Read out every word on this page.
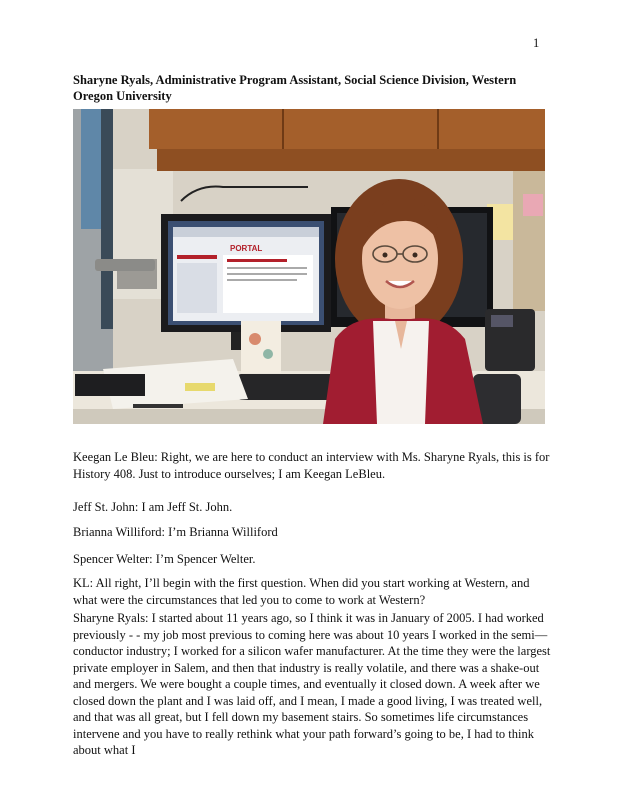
1
Sharyne Ryals, Administrative Program Assistant, Social Science Division, Western Oregon University
PORTAL

Keegan Le Bleu: Right, we are here to conduct an interview with Ms. Sharyne Ryals, this is for History 408. Just to introduce ourselves; I am Keegan LeBleu.

Jeff St. John: I am Jeff St. John.

Brianna Williford: I’m Brianna Williford

Spencer Welter: I’m Spencer Welter.

KL: All right, I’ll begin with the first question. When did you start working at Western, and what were the circumstances that led you to come to work at Western?

Sharyne Ryals: I started about 11 years ago, so I think it was in January of 2005. I had worked previously - - my job most previous to coming here was about 10 years I worked in the semi—conductor industry; I worked for a silicon wafer manufacturer. At the time they were the largest private employer in Salem, and then that industry is really volatile, and there was a shake-out and mergers. We were bought a couple times, and eventually it closed down. A week after we closed down the plant and I was laid off, and I mean, I made a good living, I was treated well, and that was all great, but I fell down my basement stairs. So sometimes life circumstances intervene and you have to really rethink what your path forward’s going to be, I had to think about what I
